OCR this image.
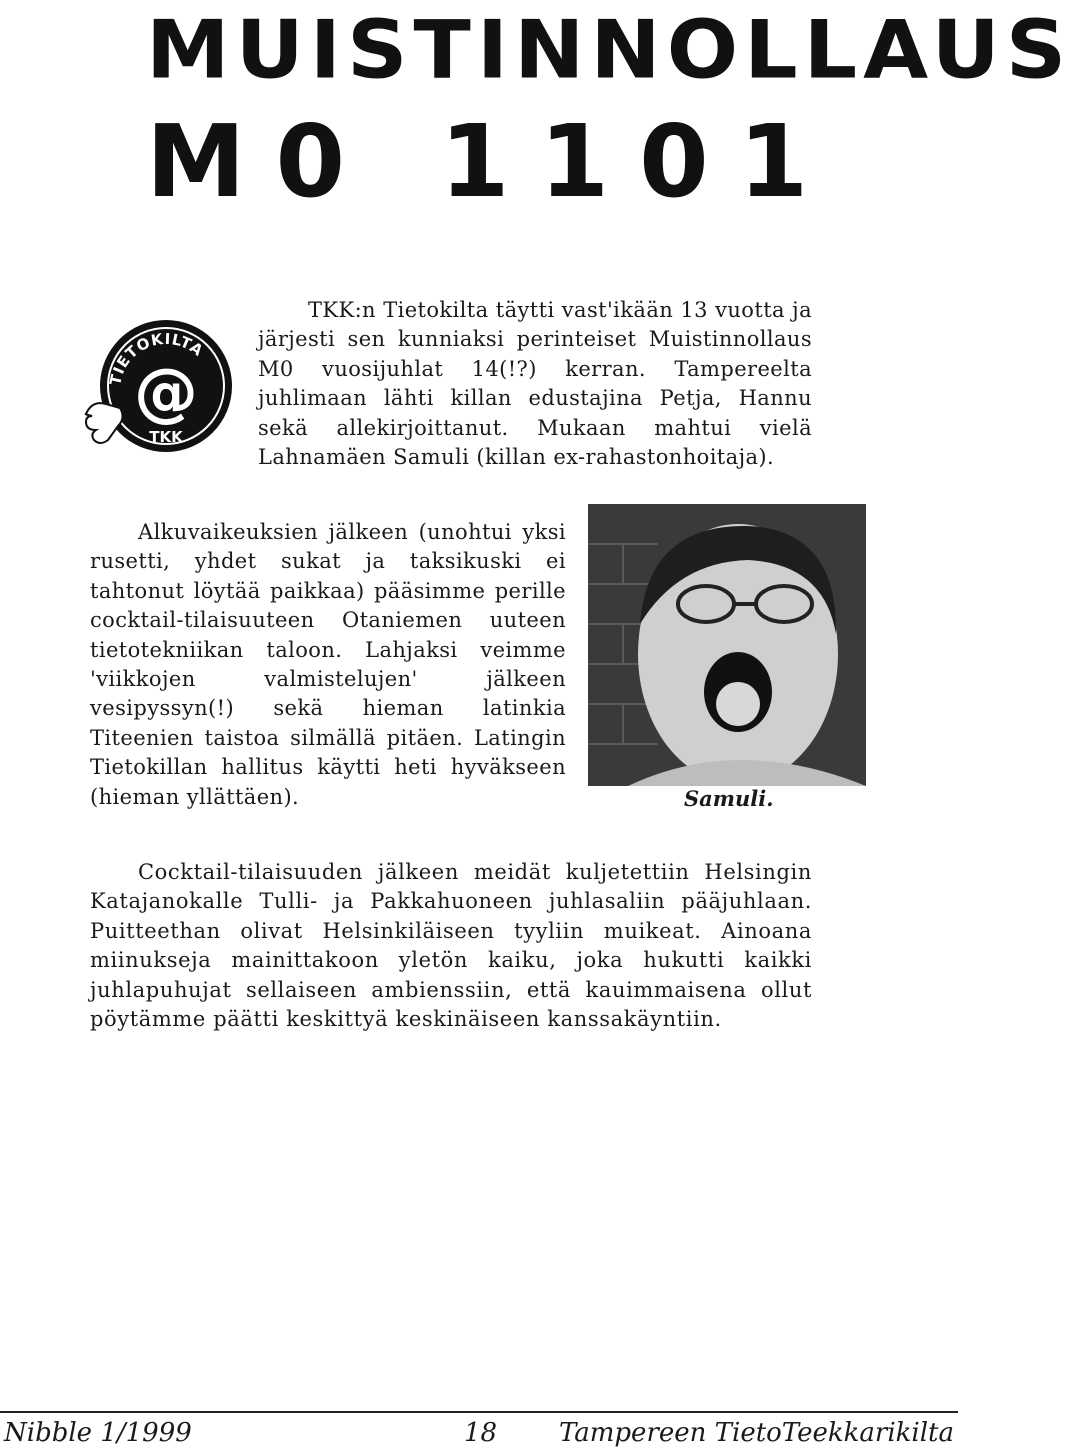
MUISTINNOLLAUS
M0 1101
TIETOKILTA
@
TKK

TKK:n Tietokilta täytti vast'ikään 13 vuotta ja järjesti sen kunniaksi perinteiset Muistinnollaus M0 vuosijuhlat 14(!?) kerran. Tampereelta juhlimaan lähti killan edustajina Petja, Hannu sekä allekirjoittanut. Mukaan mahtui vielä Lahnamäen Samuli (killan ex-rahastonhoitaja).

Alkuvaikeuksien jälkeen (unohtui yksi rusetti, yhdet sukat ja taksikuski ei tahtonut löytää paikkaa) pääsimme perille cocktail-tilaisuuteen Otaniemen uuteen tietotekniikan taloon. Lahjaksi veimme 'viikkojen valmistelujen' jälkeen vesipyssyn(!) sekä hieman latinkia Titeenien taistoa silmällä pitäen. Latingin Tietokillan hallitus käytti heti hyväkseen (hieman yllättäen).	Samuli.

Cocktail-tilaisuuden jälkeen meidät kuljetettiin Helsingin Katajanokalle Tulli- ja Pakkahuoneen juhlasaliin pääjuhlaan. Puitteethan olivat Helsinkiläiseen tyyliin muikeat. Ainoana miinukseja mainittakoon yletön kaiku, joka hukutti kaikki juhlapuhujat sellaiseen ambienssiin, että kauimmaisena ollut pöytämme päätti keskittyä keskinäiseen kanssakäyntiin.

Nibble 1/1999	18 Tampereen TietoTeekkarikilta
